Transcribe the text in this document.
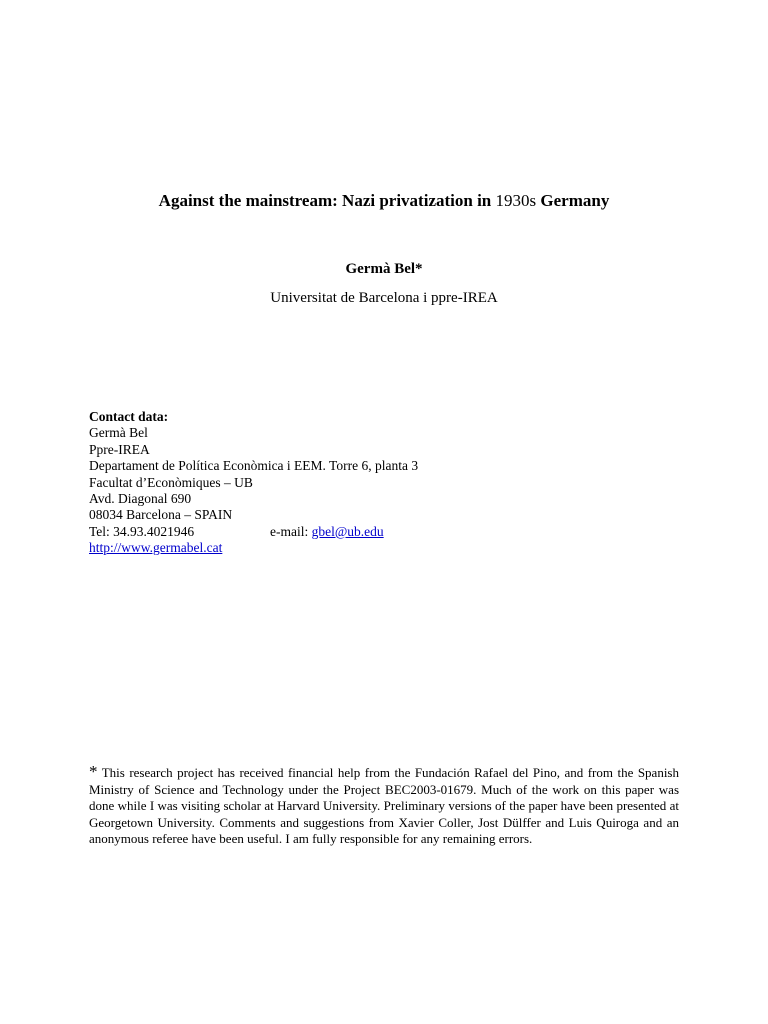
Against the mainstream: Nazi privatization in 1930s Germany
Germà Bel*
Universitat de Barcelona i ppre-IREA
Contact data:
Germà Bel
Ppre-IREA
Departament de Política Econòmica i EEM. Torre 6, planta 3
Facultat d’Econòmiques – UB
Avd. Diagonal 690
08034 Barcelona – SPAIN
Tel: 34.93.4021946	e-mail: gbel@ub.edu
http://www.germabel.cat
* This research project has received financial help from the Fundación Rafael del Pino, and from the Spanish Ministry of Science and Technology under the Project BEC2003-01679. Much of the work on this paper was done while I was visiting scholar at Harvard University. Preliminary versions of the paper have been presented at Georgetown University. Comments and suggestions from Xavier Coller, Jost Dülffer and Luis Quiroga and an anonymous referee have been useful. I am fully responsible for any remaining errors.
